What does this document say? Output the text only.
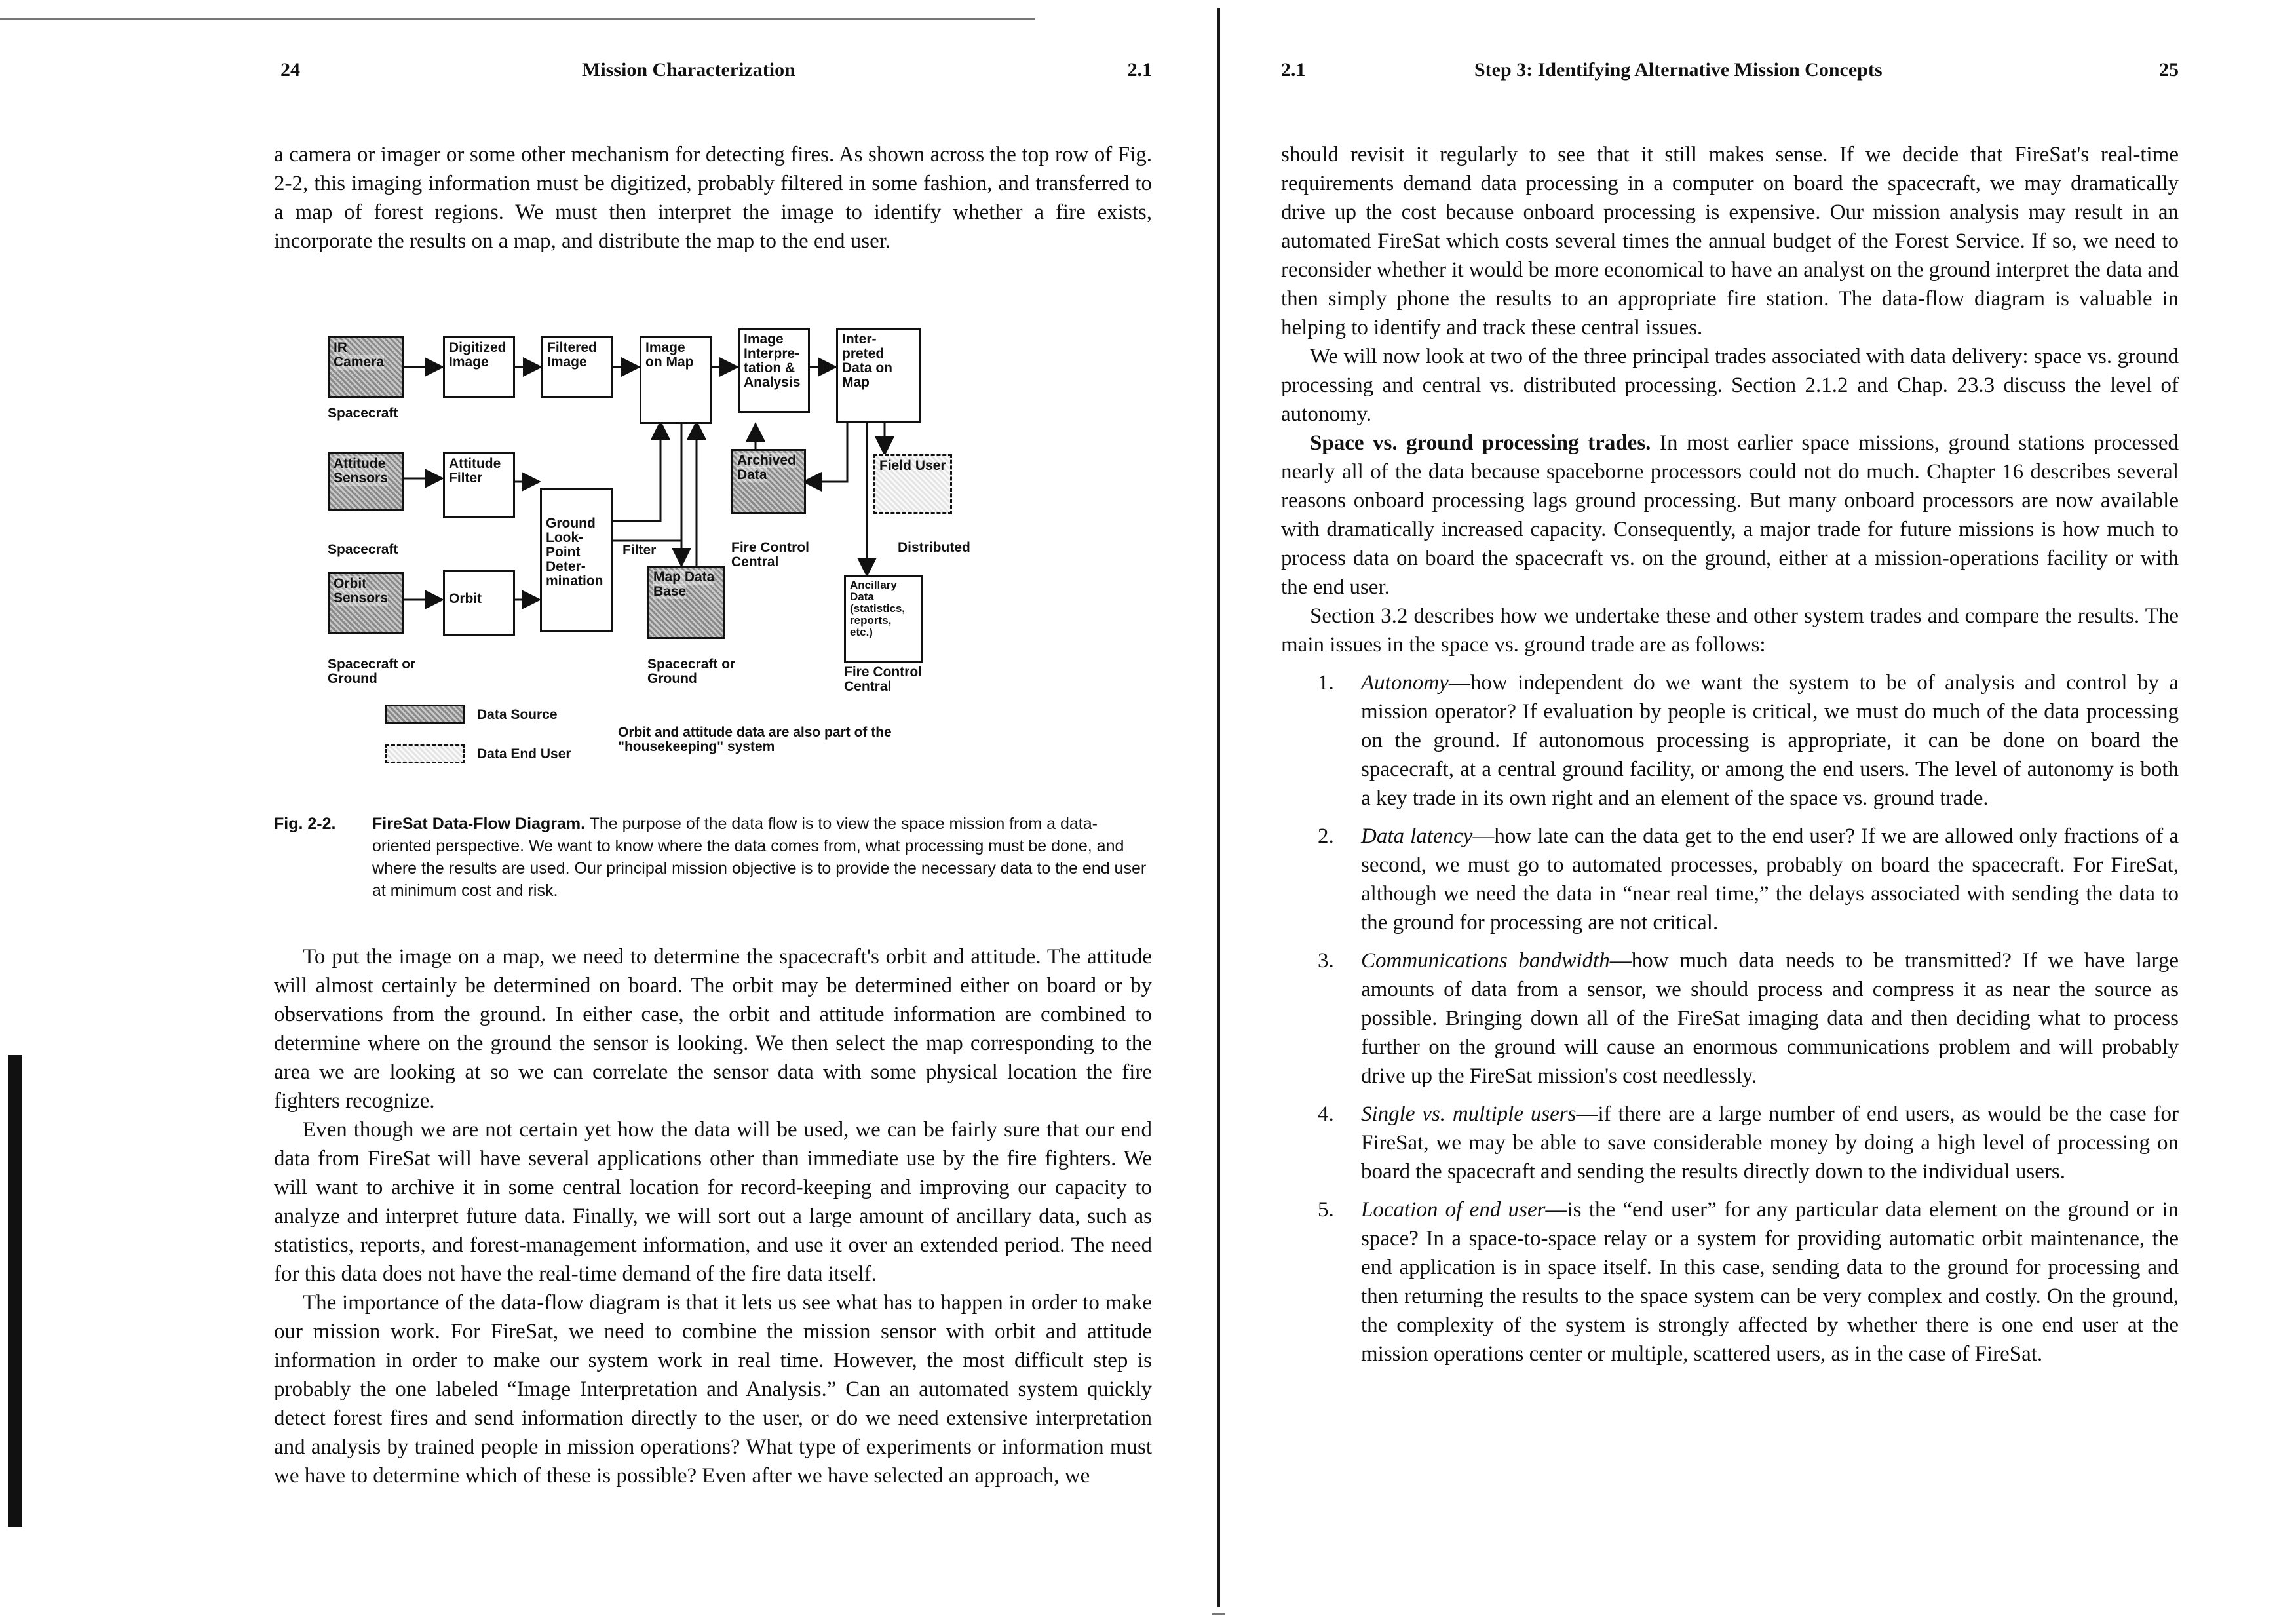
24	Mission Characterization	2.1

a camera or imager or some other mechanism for detecting fires. As shown across the top row of Fig. 2-2, this imaging information must be digitized, probably filtered in some fashion, and transferred to a map of forest regions. We must then interpret the image to identify whether a fire exists, incorporate the results on a map, and distribute the map to the end user.

IR Camera
Digitized Image
Filtered Image
Image on Map
Image Interpre-tation & Analysis
Inter-preted Data on Map
Spacecraft
Attitude Sensors
Attitude Filter
Ground Look-Point Deter-mination
Archived Data
Field User
Spacecraft	Filter	Fire Control Central
Distributed
Orbit Sensors	Orbit
Map Data Base	Ancillary Data (statistics, reports, etc.)
Spacecraft or Ground
Spacecraft or Ground	Fire Control Central
Data Source
Data End User
Orbit and attitude data are also part of the "housekeeping" system
Fig. 2-2. FireSat Data-Flow Diagram. The purpose of the data flow is to view the space mission from a data-oriented perspective. We want to know where the data comes from, what processing must be done, and where the results are used. Our principal mission objective is to provide the necessary data to the end user at minimum cost and risk.

To put the image on a map, we need to determine the spacecraft's orbit and attitude. The attitude will almost certainly be determined on board. The orbit may be determined either on board or by observations from the ground. In either case, the orbit and attitude information are combined to determine where on the ground the sensor is looking. We then select the map corresponding to the area we are looking at so we can correlate the sensor data with some physical location the fire fighters recognize.

Even though we are not certain yet how the data will be used, we can be fairly sure that our end data from FireSat will have several applications other than immediate use by the fire fighters. We will want to archive it in some central location for record-keeping and improving our capacity to analyze and interpret future data. Finally, we will sort out a large amount of ancillary data, such as statistics, reports, and forest-management information, and use it over an extended period. The need for this data does not have the real-time demand of the fire data itself.

The importance of the data-flow diagram is that it lets us see what has to happen in order to make our mission work. For FireSat, we need to combine the mission sensor with orbit and attitude information in order to make our system work in real time. However, the most difficult step is probably the one labeled “Image Interpretation and Analysis.” Can an automated system quickly detect forest fires and send information directly to the user, or do we need extensive interpretation and analysis by trained people in mission operations? What type of experiments or information must we have to determine which of these is possible? Even after we have selected an approach, we

2.1	Step 3: Identifying Alternative Mission Concepts	25

should revisit it regularly to see that it still makes sense. If we decide that FireSat's real-time requirements demand data processing in a computer on board the spacecraft, we may dramatically drive up the cost because onboard processing is expensive. Our mission analysis may result in an automated FireSat which costs several times the annual budget of the Forest Service. If so, we need to reconsider whether it would be more economical to have an analyst on the ground interpret the data and then simply phone the results to an appropriate fire station. The data-flow diagram is valuable in helping to identify and track these central issues.

We will now look at two of the three principal trades associated with data delivery: space vs. ground processing and central vs. distributed processing. Section 2.1.2 and Chap. 23.3 discuss the level of autonomy.

Space vs. ground processing trades. In most earlier space missions, ground stations processed nearly all of the data because spaceborne processors could not do much. Chapter 16 describes several reasons onboard processing lags ground processing. But many onboard processors are now available with dramatically increased capacity. Consequently, a major trade for future missions is how much to process data on board the spacecraft vs. on the ground, either at a mission-operations facility or with the end user.

Section 3.2 describes how we undertake these and other system trades and compare the results. The main issues in the space vs. ground trade are as follows:

1.	Autonomy—how independent do we want the system to be of analysis and control by a mission operator? If evaluation by people is critical, we must do much of the data processing on the ground. If autonomous processing is appropriate, it can be done on board the spacecraft, at a central ground facility, or among the end users. The level of autonomy is both a key trade in its own right and an element of the space vs. ground trade.
2.	Data latency—how late can the data get to the end user? If we are allowed only fractions of a second, we must go to automated processes, probably on board the spacecraft. For FireSat, although we need the data in “near real time,” the delays associated with sending the data to the ground for processing are not critical.
3.	Communications bandwidth—how much data needs to be transmitted? If we have large amounts of data from a sensor, we should process and compress it as near the source as possible. Bringing down all of the FireSat imaging data and then deciding what to process further on the ground will cause an enormous communications problem and will probably drive up the FireSat mission's cost needlessly.
4.	Single vs. multiple users—if there are a large number of end users, as would be the case for FireSat, we may be able to save considerable money by doing a high level of processing on board the spacecraft and sending the results directly down to the individual users.
5.	Location of end user—is the “end user” for any particular data element on the ground or in space? In a space-to-space relay or a system for providing automatic orbit maintenance, the end application is in space itself. In this case, sending data to the ground for processing and then returning the results to the space system can be very complex and costly. On the ground, the complexity of the system is strongly affected by whether there is one end user at the mission operations center or multiple, scattered users, as in the case of FireSat.
